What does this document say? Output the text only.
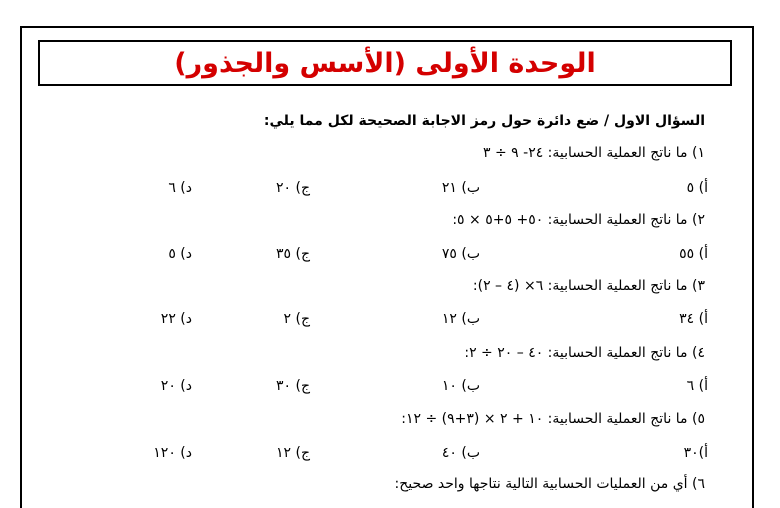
الوحدة الأولى (الأسس والجذور)
السؤال الاول / ضع دائرة حول رمز الاجابة الصحيحة لكل مما يلي:
١) ما ناتج العملية الحسابية: ٢٤- ٩ ÷ ٣
أ) ٥
ب) ٢١
ج) ٢٠
د) ٦
٢) ما ناتج العملية الحسابية: ٥٠+ ٥+٥ × ٥:
أ) ٥٥
ب) ٧٥
ج) ٣٥
د) ٥
٣) ما ناتج العملية الحسابية: ٦× (٤ – ٢):
أ) ٣٤
ب) ١٢
ج) ٢
د) ٢٢
٤) ما ناتج العملية الحسابية: ٤٠ – ٢٠ ÷ ٢:
أ) ٦
ب) ١٠
ج) ٣٠
د) ٢٠
٥) ما ناتج العملية الحسابية: ١٠ + ٢ × (٣+٩) ÷ ١٢:
أ)٣٠
ب) ٤٠
ج) ١٢
د) ١٢٠
٦) أي من العمليات الحسابية التالية نتاجها واحد صحيح:
